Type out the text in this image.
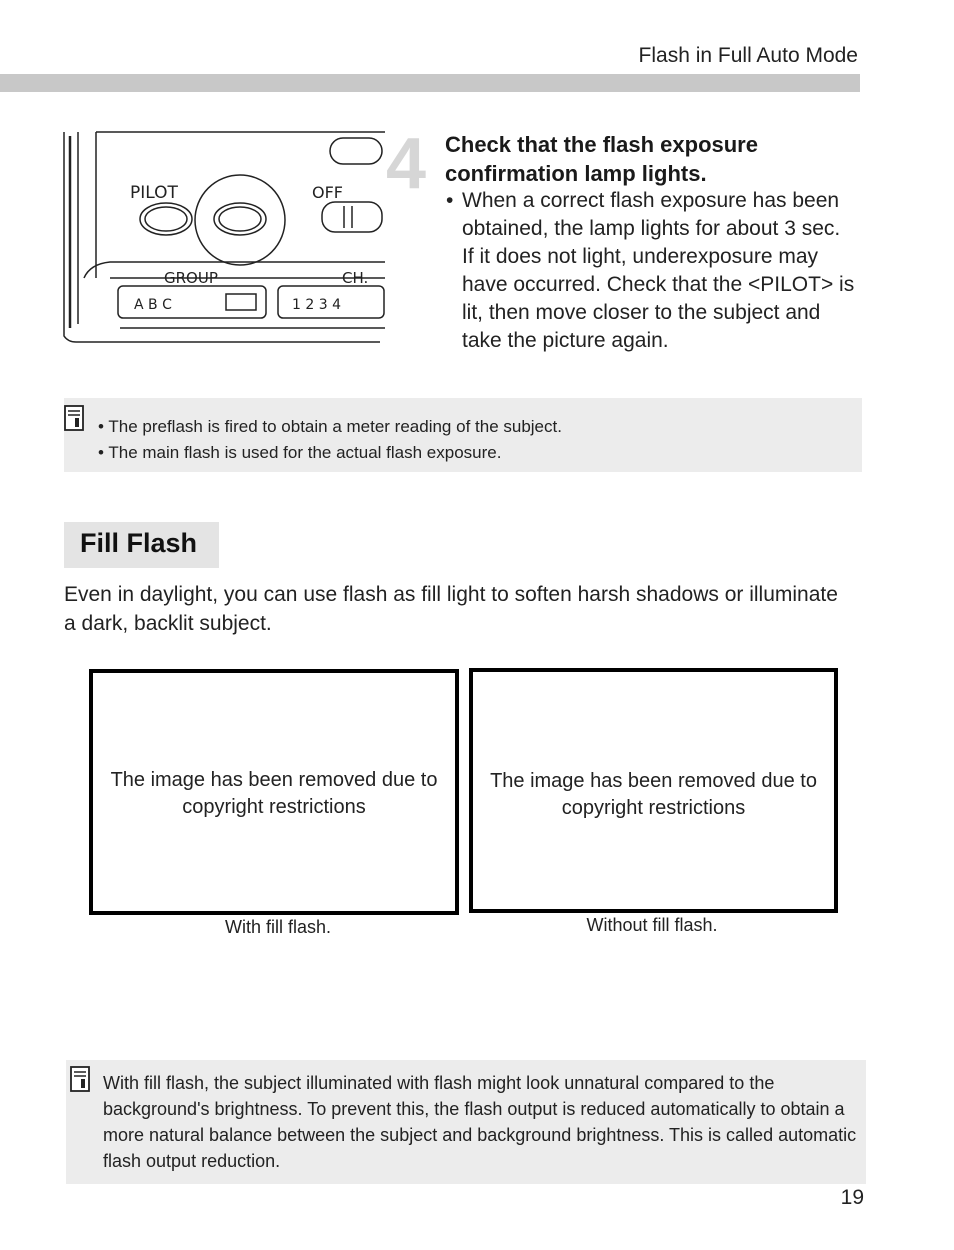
Flash in Full Auto Mode
PILOT	OFF
GROUP	CH.
A B C	1 2 3 4
4 Check that the flash exposure confirmation lamp lights.
• When a correct flash exposure has been obtained, the lamp lights for about 3 sec. If it does not light, underexposure may have occurred. Check that the <PILOT> is lit, then move closer to the subject and take the picture again.
• The preflash is fired to obtain a meter reading of the subject.
• The main flash is used for the actual flash exposure.
Fill Flash
Even in daylight, you can use flash as fill light to soften harsh shadows or illuminate a dark, backlit subject.
The image has been removed due to copyright restrictions
The image has been removed due to copyright restrictions
With fill flash.	Without fill flash.
With fill flash, the subject illuminated with flash might look unnatural compared to the background's brightness. To prevent this, the flash output is reduced automatically to obtain a more natural balance between the subject and background brightness. This is called automatic flash output reduction.
19
